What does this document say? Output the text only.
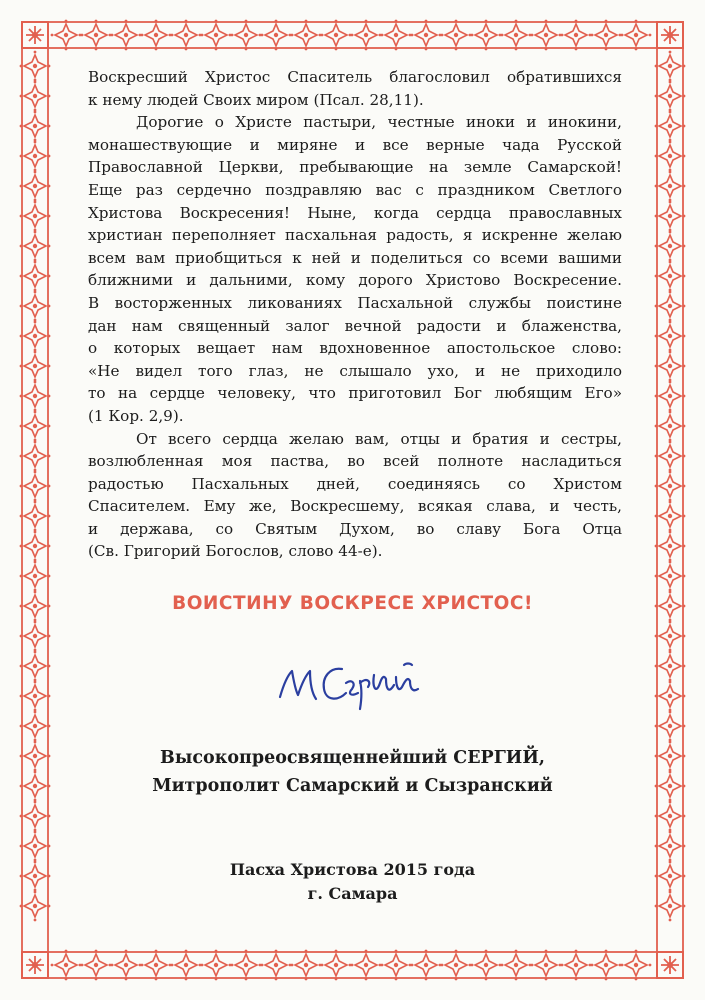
Воскресший Христос Спаситель благословил обратившихся
к нему людей Своих миром (Псал. 28,11).

Дорогие о Христе пастыри, честные иноки и инокини,
монашествующие и миряне и все верные чада Русской
Православной Церкви, пребывающие на земле Самарской!
Еще раз сердечно поздравляю вас с праздником Светлого
Христова Воскресения! Ныне, когда сердца православных
христиан переполняет пасхальная радость, я искренне желаю
всем вам приобщиться к ней и поделиться со всеми вашими
ближними и дальними, кому дорого Христово Воскресение.
В восторженных ликованиях Пасхальной службы поистине
дан нам священный залог вечной радости и блаженства,
о которых вещает нам вдохновенное апостольское слово:
«Не видел того глаз, не слышало ухо, и не приходило
то на сердце человеку, что приготовил Бог любящим Его»
(1 Кор. 2,9).

От всего сердца желаю вам, отцы и братия и сестры,
возлюбленная моя паства, во всей полноте насладиться
радостью Пасхальных дней, соединяясь со Христом
Спасителем. Ему же, Воскресшему, всякая слава, и честь,
и держава, со Святым Духом, во славу Бога Отца
(Св. Григорий Богослов, слово 44-е).

ВОИСТИНУ ВОСКРЕСЕ ХРИСТОС!
Высокопреосвященнейший СЕРГИЙ,
Митрополит Самарский и Сызранский
Пасха Христова 2015 года
г. Самара
